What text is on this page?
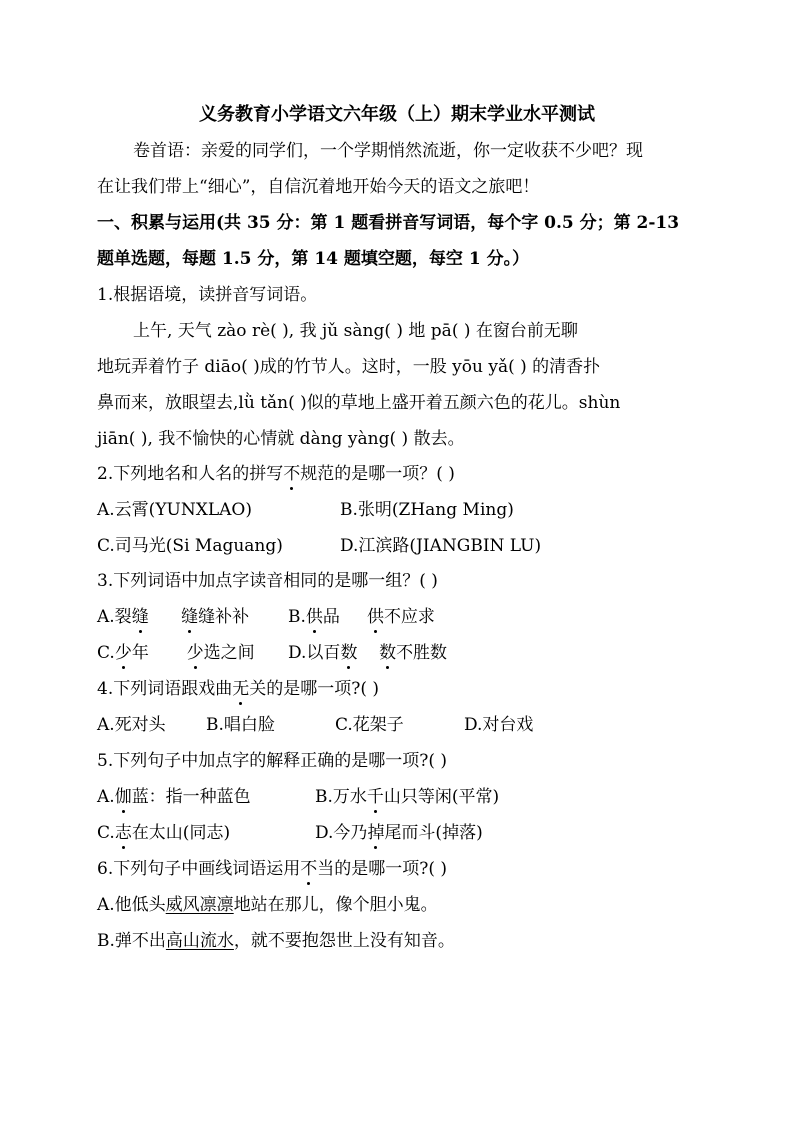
义务教育小学语文六年级（上）期末学业水平测试
卷首语：亲爱的同学们，一个学期悄然流逝，你一定收获不少吧？现
在让我们带上“细心”，自信沉着地开始今天的语文之旅吧！
一、积累与运用(共 35 分：第 1 题看拼音写词语，每个字 0.5 分；第 2-13
题单选题，每题 1.5 分，第 14 题填空题，每空 1 分。）
1.根据语境，读拼音写词语。
上午, 天气 zào rè( ), 我 jǔ sàng( ) 地 pā( ) 在窗台前无聊
地玩弄着竹子 diāo( )成的竹节人。这时，一股 yōu yǎ( ) 的清香扑
鼻而来，放眼望去,lǜ tǎn( )似的草地上盛开着五颜六色的花儿。shùn
jiān( ), 我不愉快的心情就 dàng yàng( ) 散去。
2.下列地名和人名的拼写不规范的是哪一项？( )
A.云霄(YUNXLAO)	B.张明(ZHang Ming)
C.司马光(Si Maguang)	D.江滨路(JIANGBIN LU)
3.下列词语中加点字读音相同的是哪一组？( )
A.裂缝 缝缝补补 B.供品     供不应求
C.少年       少选之间 D.以百数 数不胜数
4.下列词语跟戏曲无关的是哪一项?( )
A.死对头 B.唱白脸	C.花架子	D.对台戏
5.下列句子中加点字的解释正确的是哪一项?( )
A.伽蓝：指一种蓝色	B.万水千山只等闲(平常)
C.志在太山(同志)	D.今乃掉尾而斗(掉落)
6.下列句子中画线词语运用不当的是哪一项?( )
A.他低头威风凛凛地站在那儿，像个胆小鬼。
B.弹不出高山流水，就不要抱怨世上没有知音。
